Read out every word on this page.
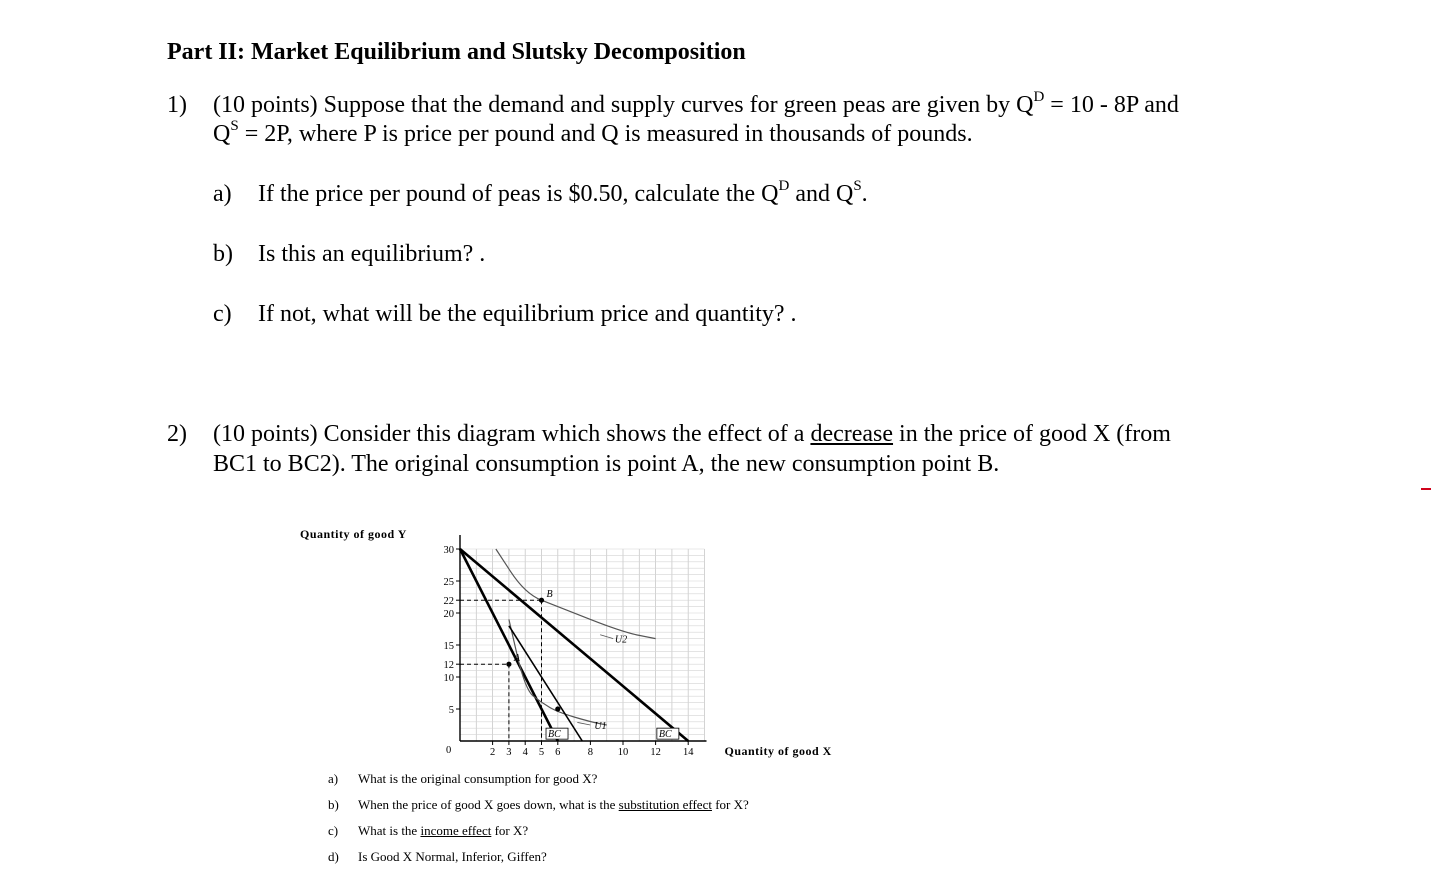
Part II: Market Equilibrium and Slutsky Decomposition
1) (10 points) Suppose that the demand and supply curves for green peas are given by $Q^D = 10 - 8P$ and
$Q^S = 2P$, where P is price per pound and Q is measured in thousands of pounds.
a) If the price per pound of peas is $0.50, calculate the $Q^D$ and $Q^S$.
b) Is this an equilibrium? .
c) If not, what will be the equilibrium price and quantity? .
2) (10 points) Consider this diagram which shows the effect of a decrease in the price of good X (from
BC1 to BC2). The original consumption is point A, the new consumption point B.
2 3 4 5 6	8 10 12 14
5
10
12
15
20
22
25
30
0
Quantity of good Y
Quantity of good X
A
B
U1
U2
BC	BC
a) What is the original consumption for good X?
b) When the price of good X goes down, what is the substitution effect for X?
c) What is the income effect for X?
d) Is Good X Normal, Inferior, Giffen?
